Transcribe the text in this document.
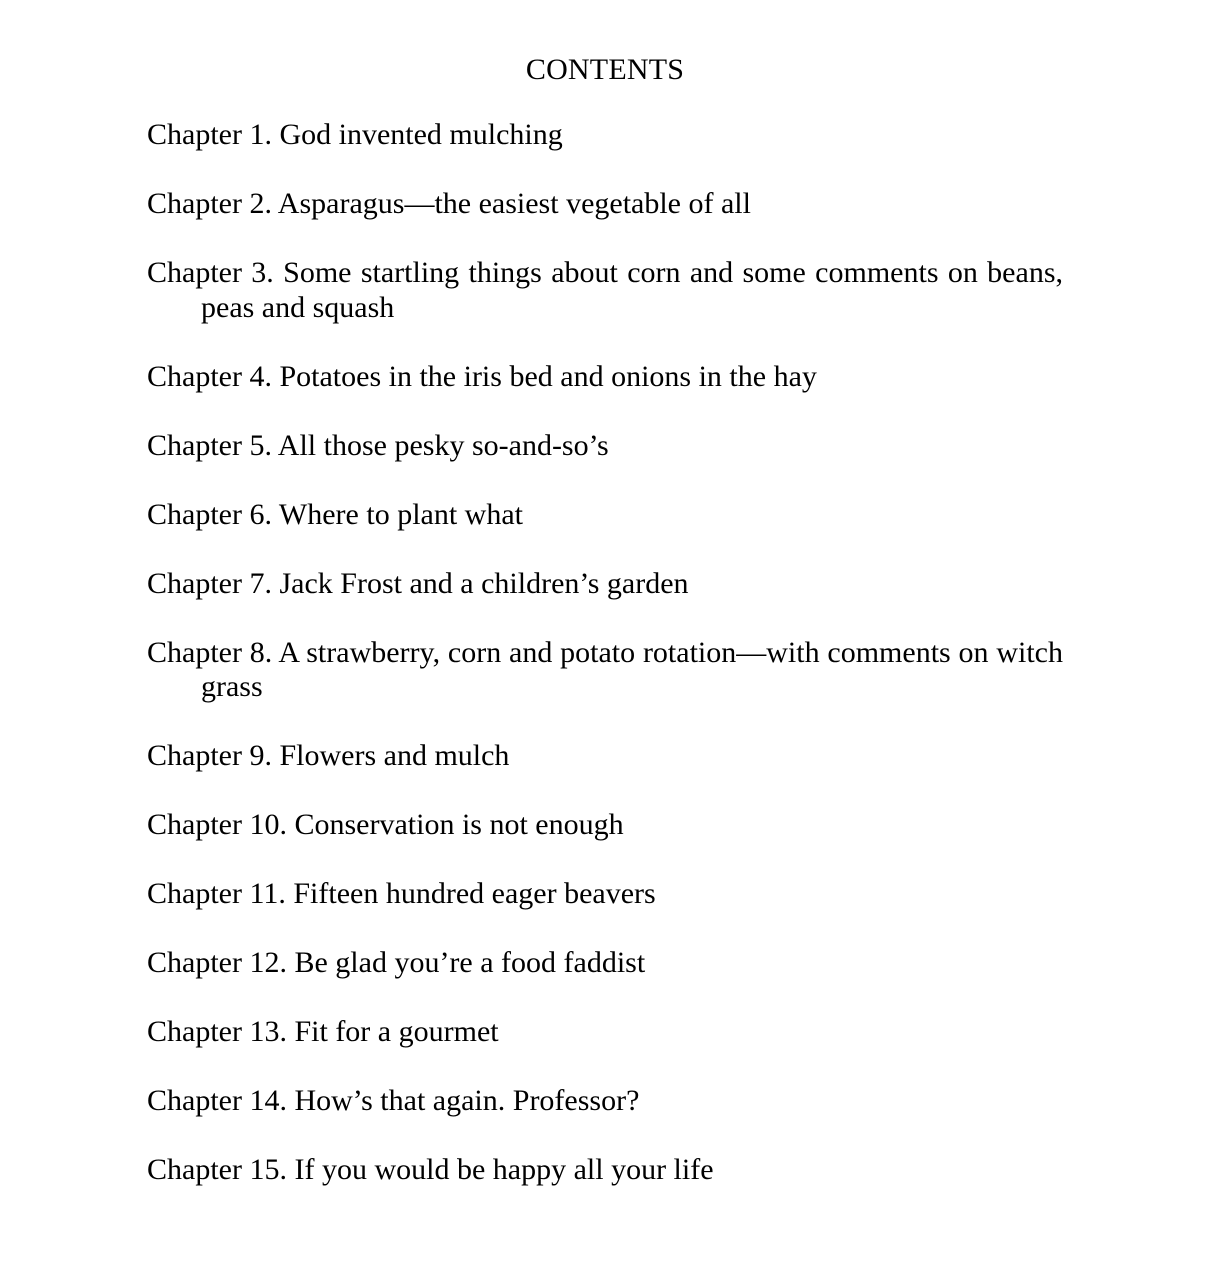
CONTENTS
Chapter 1. God invented mulching
Chapter 2. Asparagus—the easiest vegetable of all
Chapter 3. Some startling things about corn and some comments on beans, peas and squash
Chapter 4. Potatoes in the iris bed and onions in the hay
Chapter 5. All those pesky so-and-so’s
Chapter 6. Where to plant what
Chapter 7. Jack Frost and a children’s garden
Chapter 8. A strawberry, corn and potato rotation—with comments on witch grass
Chapter 9. Flowers and mulch
Chapter 10. Conservation is not enough
Chapter 11. Fifteen hundred eager beavers
Chapter 12. Be glad you’re a food faddist
Chapter 13. Fit for a gourmet
Chapter 14. How’s that again. Professor?
Chapter 15. If you would be happy all your life
